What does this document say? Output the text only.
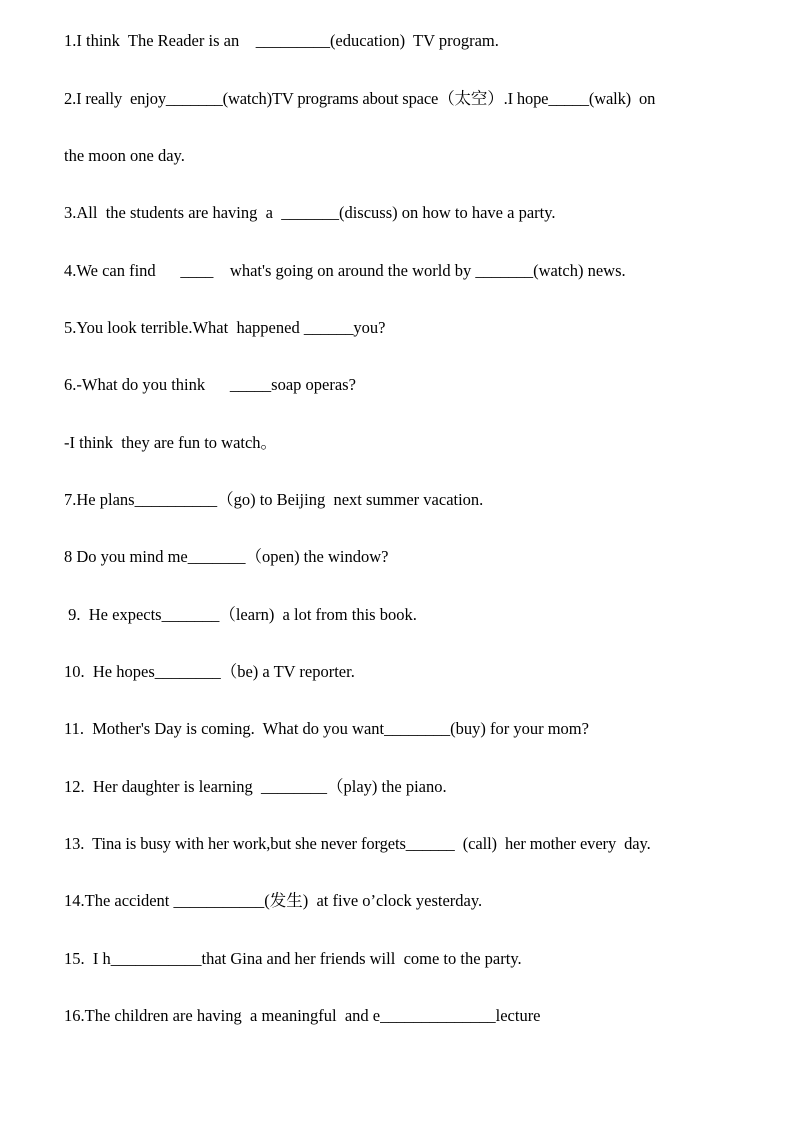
1.I think  The Reader is an    _________(education)  TV program.
2.I really  enjoy_______(watch)TV programs about space（太空）.I hope_____(walk)  on
the moon one day.
3.All  the students are having  a  _______(discuss) on how to have a party.
4.We can find      ____    what's going on around the world by _______(watch) news.
5.You look terrible.What  happened ______you?
6.-What do you think      _____soap operas?
-I think  they are fun to watch。
7.He plans__________（go) to Beijing  next summer vacation.
8 Do you mind me_______（open) the window?
9.  He expects_______（learn)  a lot from this book.
10.  He hopes________（be) a TV reporter.
11.  Mother's Day is coming.  What do you want________(buy) for your mom?
12.  Her daughter is learning  ________（play) the piano.
13.  Tina is busy with her work,but she never forgets______  (call)  her mother every  day.
14.The accident ___________(发生)  at five o’clock yesterday.
15.  I h___________that Gina and her friends will  come to the party.
16.The children are having  a meaningful  and e______________lecture
